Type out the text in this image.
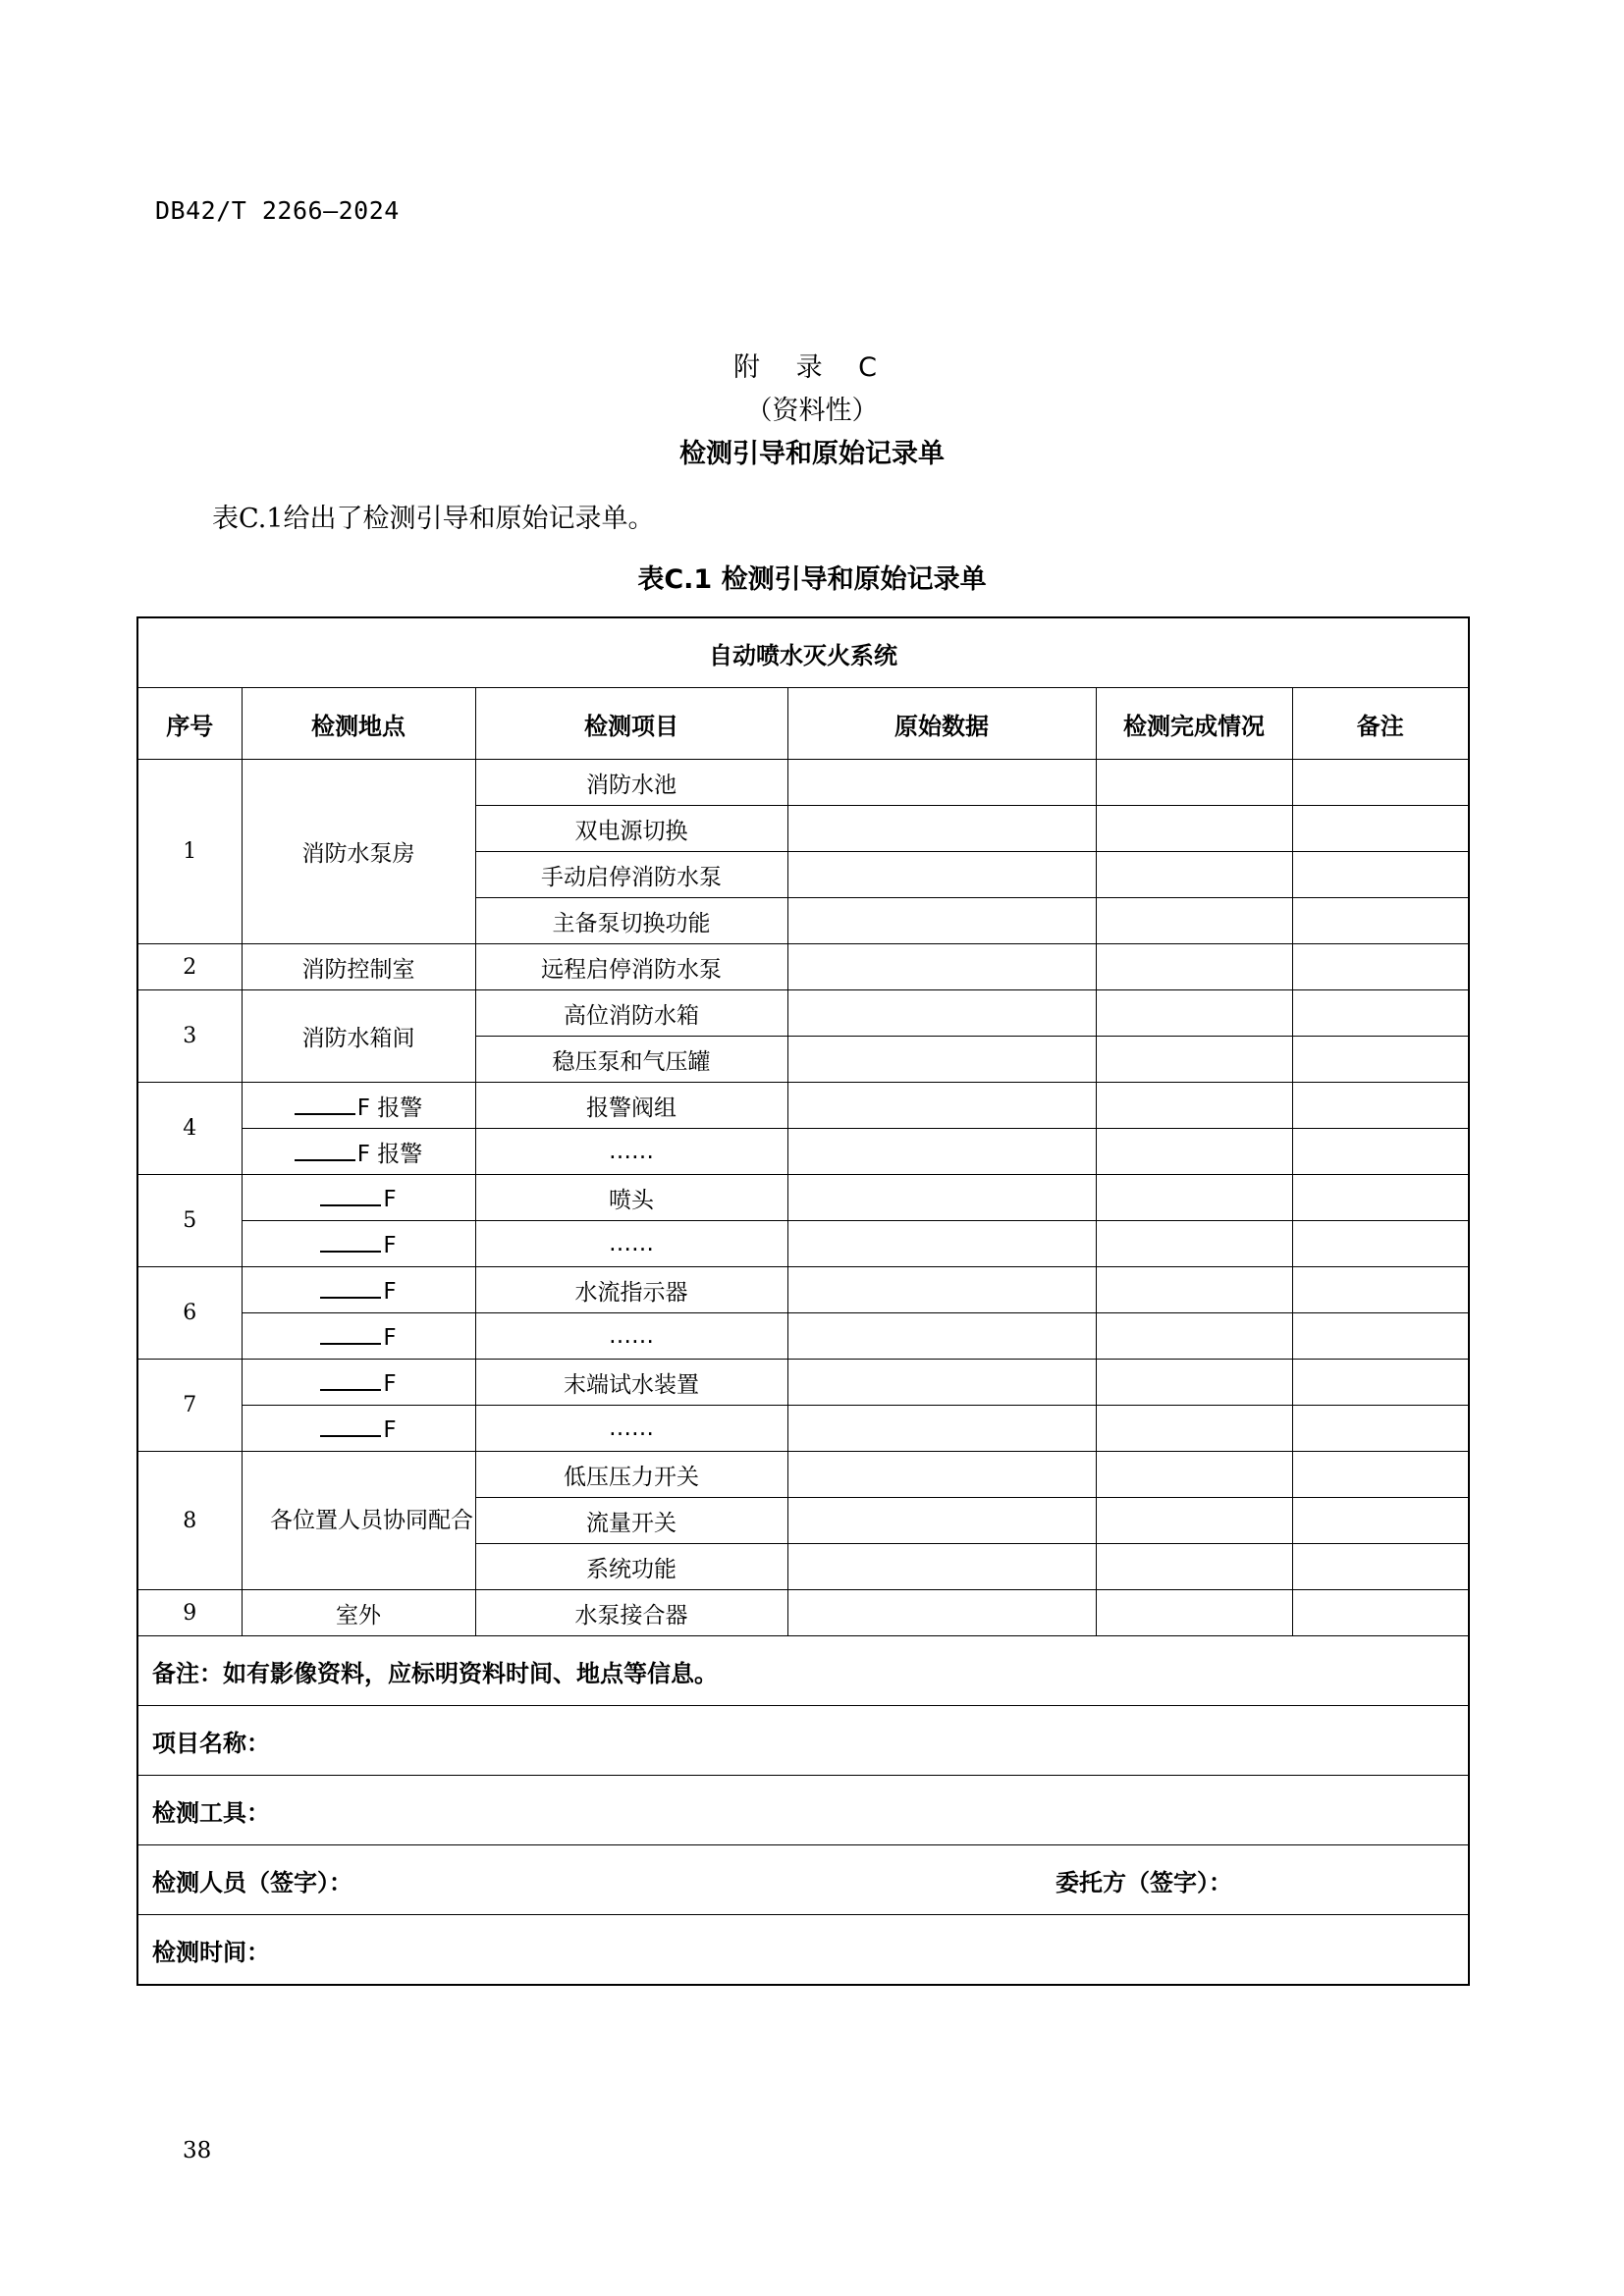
DB42/T 2266—2024
附 录 C
（资料性）
检测引导和原始记录单
表C.1给出了检测引导和原始记录单。
表C.1 检测引导和原始记录单
自动喷水灭火系统					
序号	检测地点	检测项目	原始数据	检测完成情况	备注
1	消防水泵房	消防水池			
		双电源切换			
		手动启停消防水泵			
		主备泵切换功能			
2	消防控制室	远程启停消防水泵			
3	消防水箱间	高位消防水箱			
		稳压泵和气压罐			
4	F 报警	报警阀组			
	F 报警	……			
5	F	喷头			
	F	……			
6	F	水流指示器			
	F	……			
7	F	末端试水装置			
	F	……			
8	各位置人员协同配合	低压压力开关			
		流量开关			
		系统功能			
9	室外	水泵接合器			
备注：如有影像资料，应标明资料时间、地点等信息。					
项目名称：					
检测工具：					
检测人员（签字）： 委托方（签字）：					

检测时间：					
38
